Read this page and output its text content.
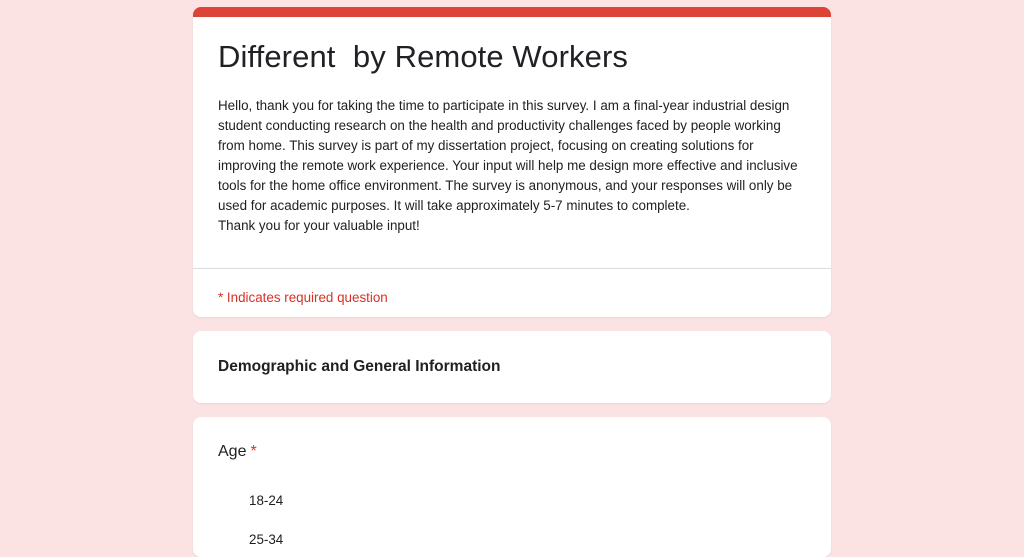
Different  by Remote Workers

Hello, thank you for taking the time to participate in this survey. I am a final-year industrial design student conducting research on the health and productivity challenges faced by people working from home. This survey is part of my dissertation project, focusing on creating solutions for improving the remote work experience. Your input will help me design more effective and inclusive tools for the home office environment. The survey is anonymous, and your responses will only be used for academic purposes. It will take approximately 5-7 minutes to complete.
Thank you for your valuable input!

* Indicates required question
Demographic and General Information
Age *
18-24
25-34
